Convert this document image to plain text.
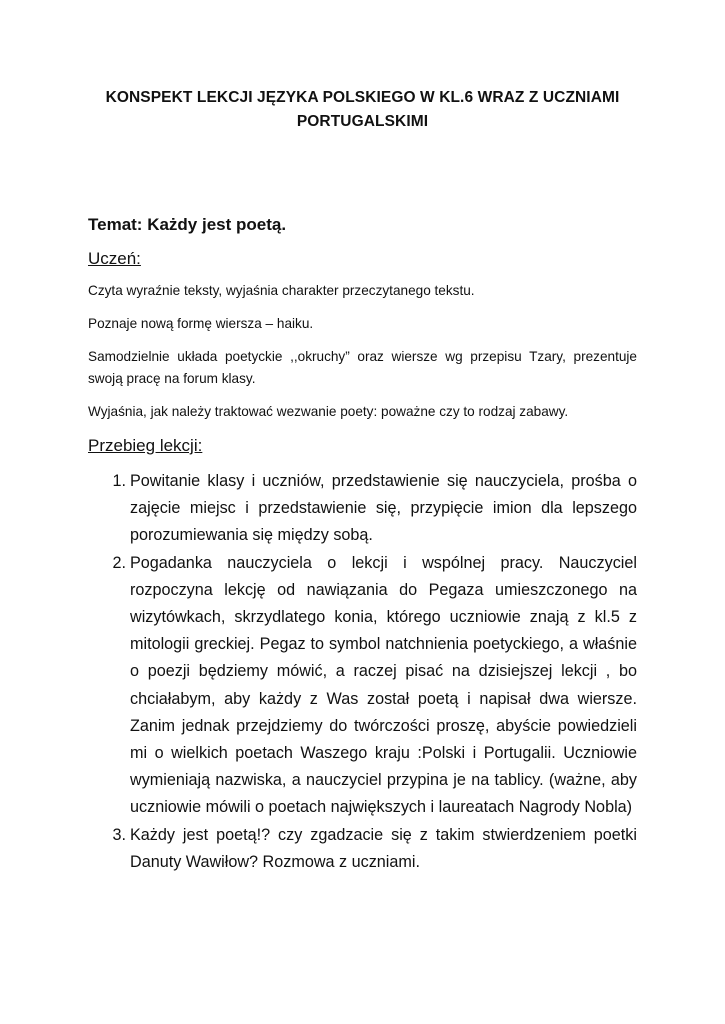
KONSPEKT LEKCJI JĘZYKA POLSKIEGO W KL.6 WRAZ Z UCZNIAMI
PORTUGALSKIMI

Temat: Każdy jest poetą.

Uczeń:

Czyta wyraźnie teksty, wyjaśnia charakter przeczytanego tekstu.

Poznaje nową formę wiersza – haiku.

Samodzielnie układa poetyckie ,,okruchy” oraz wiersze wg przepisu Tzary, prezentuje swoją pracę na forum klasy.

Wyjaśnia, jak należy traktować wezwanie poety: poważne czy to rodzaj zabawy.

Przebieg lekcji:

1. Powitanie klasy i uczniów, przedstawienie się nauczyciela, prośba o zajęcie miejsc i przedstawienie się, przypięcie imion dla lepszego porozumiewania się między sobą.
2. Pogadanka nauczyciela o lekcji i wspólnej pracy. Nauczyciel rozpoczyna lekcję od nawiązania do Pegaza umieszczonego na wizytówkach, skrzydlatego konia, którego uczniowie znają z kl.5 z mitologii greckiej. Pegaz to symbol natchnienia poetyckiego, a właśnie o poezji będziemy mówić, a raczej pisać na dzisiejszej lekcji , bo chciałabym, aby każdy z Was został poetą i napisał dwa wiersze. Zanim jednak przejdziemy do twórczości proszę, abyście powiedzieli mi o wielkich poetach Waszego kraju :Polski i Portugalii. Uczniowie wymieniają nazwiska, a nauczyciel przypina je na tablicy. (ważne, aby uczniowie mówili o poetach największych i laureatach Nagrody Nobla)
3. Każdy jest poetą!? czy zgadzacie się z takim stwierdzeniem poetki Danuty Wawiłow? Rozmowa z uczniami.
